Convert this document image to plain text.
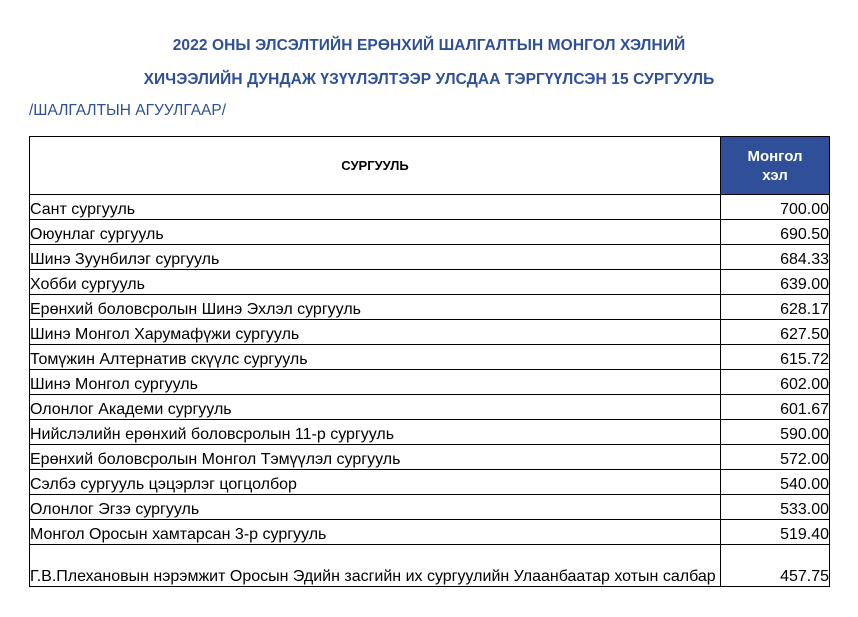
2022 ОНЫ ЭЛСЭЛТИЙН ЕРӨНХИЙ ШАЛГАЛТЫН МОНГОЛ ХЭЛНИЙ
ХИЧЭЭЛИЙН ДУНДАЖ ҮЗҮҮЛЭЛТЭЭР УЛСДАА ТЭРГҮҮЛСЭН 15 СУРГУУЛЬ
/ШАЛГАЛТЫН АГУУЛГААР/
СУРГУУЛЬ	Монгол
хэл

Сант сургууль	700.00
Оюунлаг сургууль	690.50
Шинэ Зуунбилэг сургууль	684.33
Хобби сургууль	639.00
Ерөнхий боловсролын Шинэ Эхлэл сургууль	628.17
Шинэ Монгол Харумафүжи сургууль	627.50
Томүжин Алтернатив скүүлс сургууль	615.72
Шинэ Монгол сургууль	602.00
Олонлог Академи сургууль	601.67
Нийслэлийн ерөнхий боловсролын 11-р сургууль	590.00
Ерөнхий боловсролын Монгол Тэмүүлэл сургууль	572.00
Сэлбэ сургууль цэцэрлэг цогцолбор	540.00
Олонлог Эгзэ сургууль	533.00
Монгол Оросын хамтарсан 3-р сургууль	519.40
Г.В.Плехановын нэрэмжит Оросын Эдийн засгийн их сургуулийн Улаанбаатар хотын салбар	457.75
